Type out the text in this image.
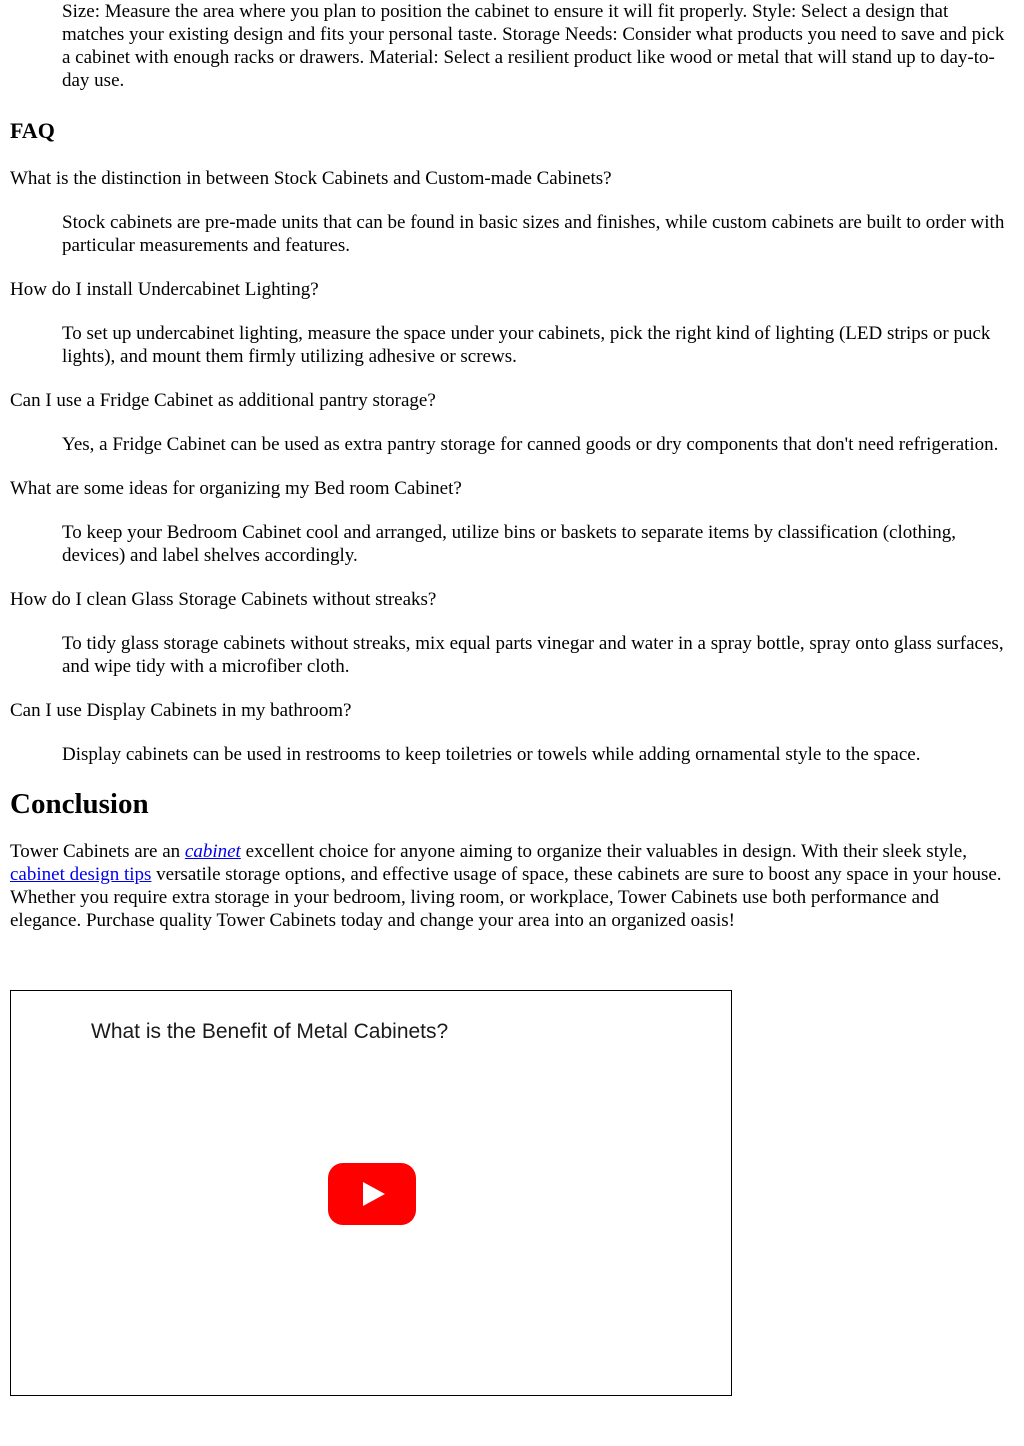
Size: Measure the area where you plan to position the cabinet to ensure it will fit properly. Style: Select a design that matches your existing design and fits your personal taste. Storage Needs: Consider what products you need to save and pick a cabinet with enough racks or drawers. Material: Select a resilient product like wood or metal that will stand up to day-to-day use.

FAQ

What is the distinction in between Stock Cabinets and Custom-made Cabinets?

Stock cabinets are pre-made units that can be found in basic sizes and finishes, while custom cabinets are built to order with particular measurements and features.

How do I install Undercabinet Lighting?

To set up undercabinet lighting, measure the space under your cabinets, pick the right kind of lighting (LED strips or puck lights), and mount them firmly utilizing adhesive or screws.

Can I use a Fridge Cabinet as additional pantry storage?

Yes, a Fridge Cabinet can be used as extra pantry storage for canned goods or dry components that don't need refrigeration.

What are some ideas for organizing my Bed room Cabinet?

To keep your Bedroom Cabinet cool and arranged, utilize bins or baskets to separate items by classification (clothing, devices) and label shelves accordingly.

How do I clean Glass Storage Cabinets without streaks?

To tidy glass storage cabinets without streaks, mix equal parts vinegar and water in a spray bottle, spray onto glass surfaces, and wipe tidy with a microfiber cloth.

Can I use Display Cabinets in my bathroom?

Display cabinets can be used in restrooms to keep toiletries or towels while adding ornamental style to the space.

Conclusion

Tower Cabinets are an cabinet excellent choice for anyone aiming to organize their valuables in design. With their sleek style, cabinet design tips versatile storage options, and effective usage of space, these cabinets are sure to boost any space in your house. Whether you require extra storage in your bedroom, living room, or workplace, Tower Cabinets use both performance and elegance. Purchase quality Tower Cabinets today and change your area into an organized oasis!

What is the Benefit of Metal Cabinets?
